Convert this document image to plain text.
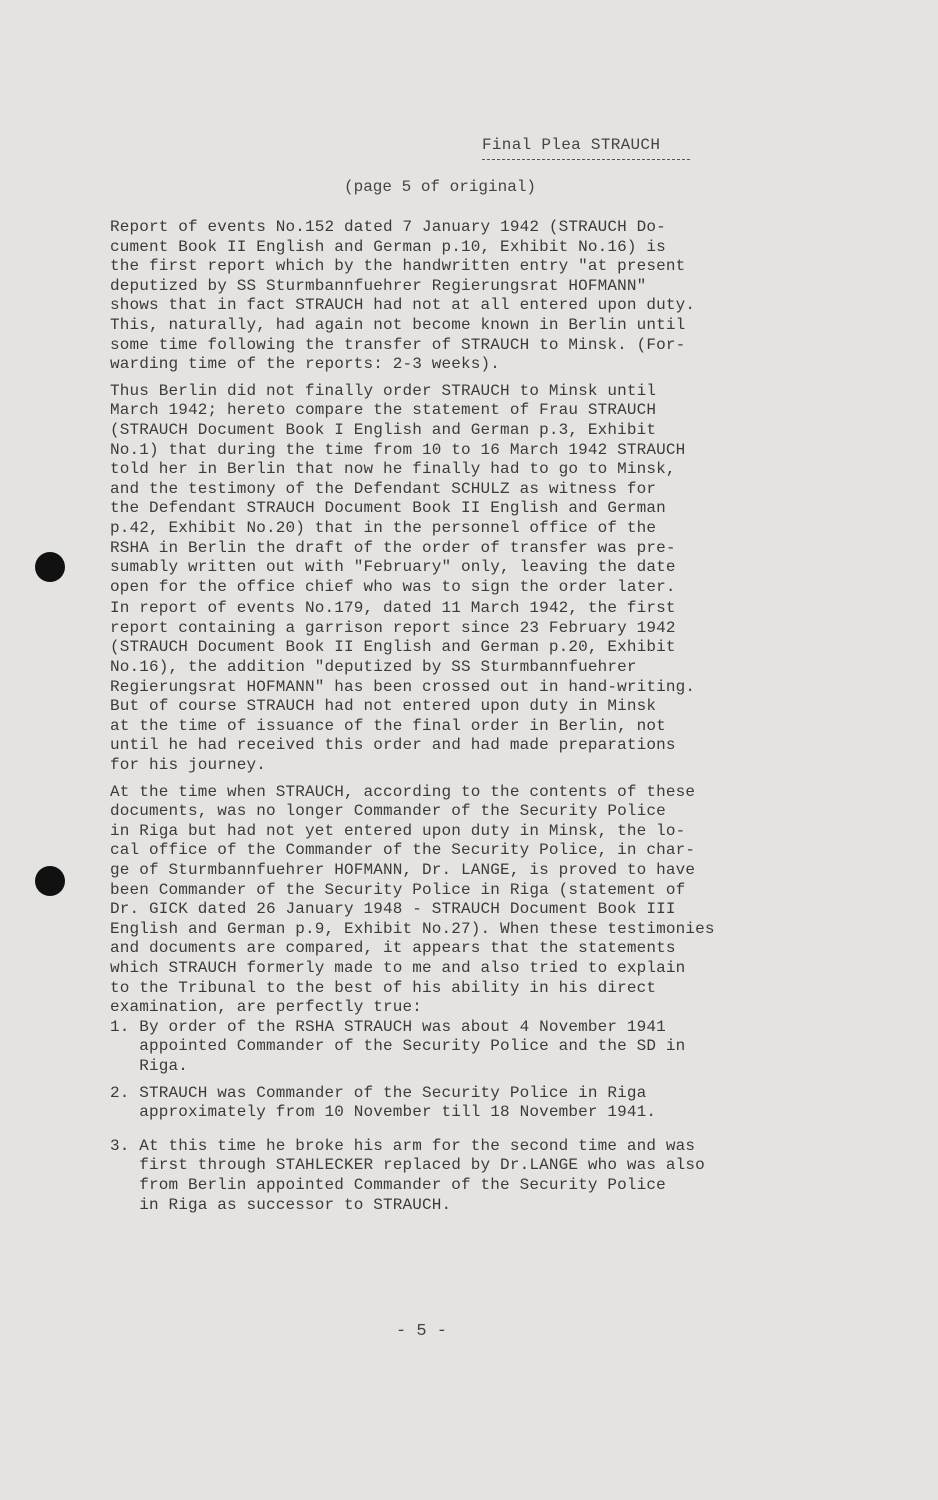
Final Plea STRAUCH
(page 5 of original)
Report of events No.152 dated 7 January 1942 (STRAUCH Do-
cument Book II English and German p.10, Exhibit No.16) is
the first report which by the handwritten entry "at present
deputized by SS Sturmbannfuehrer Regierungsrat HOFMANN"
shows that in fact STRAUCH had not at all entered upon duty.
This, naturally, had again not become known in Berlin until
some time following the transfer of STRAUCH to Minsk. (For-
warding time of the reports: 2-3 weeks).
Thus Berlin did not finally order STRAUCH to Minsk until
March 1942; hereto compare the statement of Frau STRAUCH
(STRAUCH Document Book I English and German p.3, Exhibit
No.1) that during the time from 10 to 16 March 1942 STRAUCH
told her in Berlin that now he finally had to go to Minsk,
and the testimony of the Defendant SCHULZ as witness for
the Defendant STRAUCH Document Book II English and German
p.42, Exhibit No.20) that in the personnel office of the
RSHA in Berlin the draft of the order of transfer was pre-
sumably written out with "February" only, leaving the date
open for the office chief who was to sign the order later.
In report of events No.179, dated 11 March 1942, the first
report containing a garrison report since 23 February 1942
(STRAUCH Document Book II English and German p.20, Exhibit
No.16), the addition "deputized by SS Sturmbannfuehrer
Regierungsrat HOFMANN" has been crossed out in hand-writing.
But of course STRAUCH had not entered upon duty in Minsk
at the time of issuance of the final order in Berlin, not
until he had received this order and had made preparations
for his journey.
At the time when STRAUCH, according to the contents of these
documents, was no longer Commander of the Security Police
in Riga but had not yet entered upon duty in Minsk, the lo-
cal office of the Commander of the Security Police, in char-
ge of Sturmbannfuehrer HOFMANN, Dr. LANGE, is proved to have
been Commander of the Security Police in Riga (statement of
Dr. GICK dated 26 January 1948 - STRAUCH Document Book III
English and German p.9, Exhibit No.27). When these testimonies
and documents are compared, it appears that the statements
which STRAUCH formerly made to me and also tried to explain
to the Tribunal to the best of his ability in his direct
examination, are perfectly true:
1. By order of the RSHA STRAUCH was about 4 November 1941
appointed Commander of the Security Police and the SD in
Riga.
2. STRAUCH was Commander of the Security Police in Riga
approximately from 10 November till 18 November 1941.
3. At this time he broke his arm for the second time and was
first through STAHLECKER replaced by Dr.LANGE who was also
from Berlin appointed Commander of the Security Police
in Riga as successor to STRAUCH.
- 5 -
